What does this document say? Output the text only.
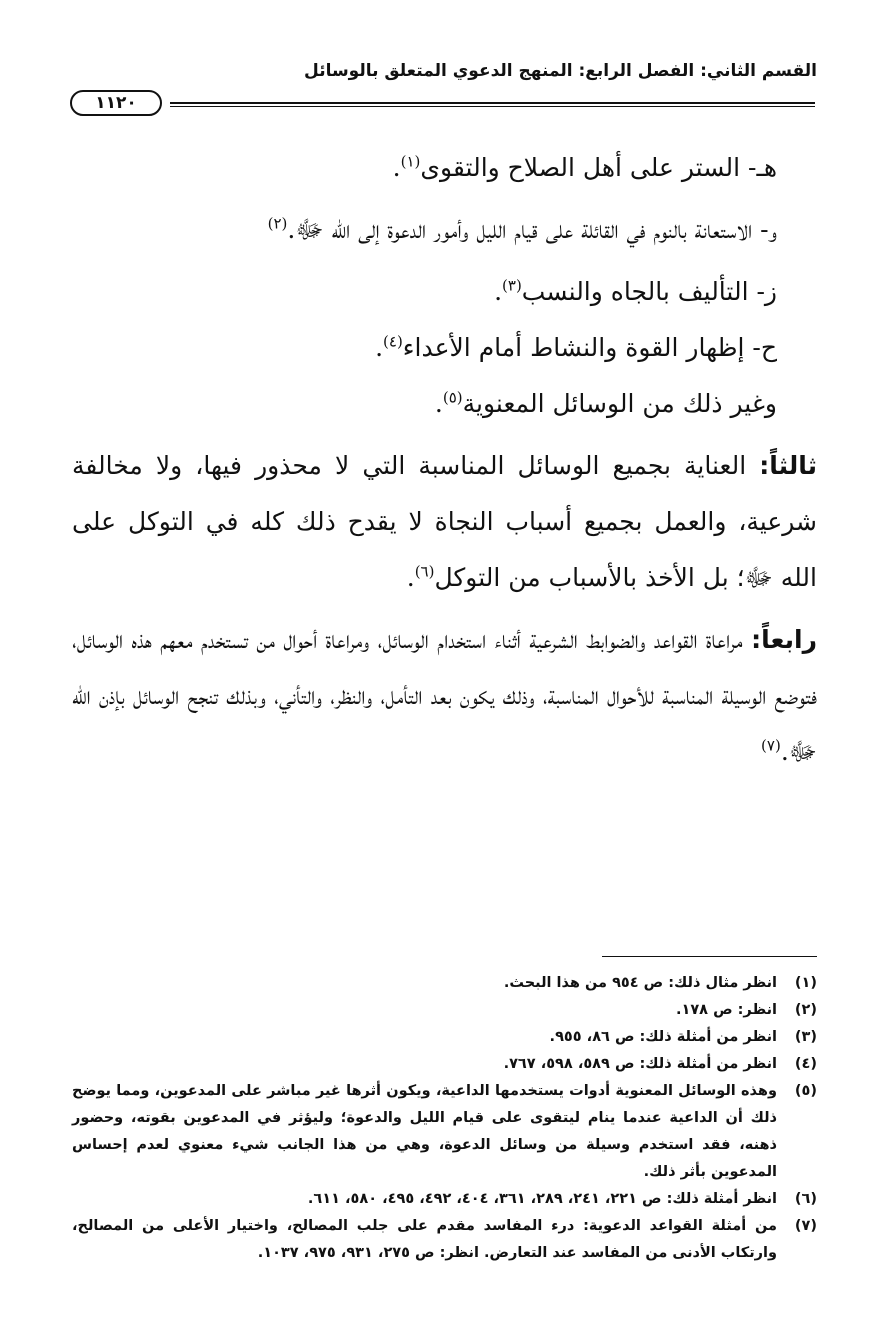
القسم الثاني: الفصل الرابع: المنهج الدعوي المتعلق بالوسائل
١١٢٠

هـ- الستر على أهل الصلاح والتقوى$^{(١)}$.

و- الاستعانة بالنوم في القائلة على قيام الليل وأمور الدعوة إلى الله ﷻ.$^{(٢)}$

ز- التأليف بالجاه والنسب$^{(٣)}$.

ح- إظهار القوة والنشاط أمام الأعداء$^{(٤)}$.

وغير ذلك من الوسائل المعنوية$^{(٥)}$.

ثالثاً: العناية بجميع الوسائل المناسبة التي لا محذور فيها، ولا مخالفة شرعية، والعمل بجميع أسباب النجاة لا يقدح ذلك كله في التوكل على الله ﷻ؛ بل الأخذ بالأسباب من التوكل$^{(٦)}$.

رابعاً: مراعاة القواعد والضوابط الشرعية أثناء استخدام الوسائل، ومراعاة أحوال من تستخدم معهم هذه الوسائل، فتوضع الوسيلة المناسبة للأحوال المناسبة، وذلك يكون بعد التأمل، والنظر، والتأني، وبذلك تنجح الوسائل بإذن الله ﷻ.$^{(٧)}$

(١)
انظر مثال ذلك: ص ٩٥٤ من هذا البحث.
(٢)
انظر: ص ١٧٨.
(٣)
انظر من أمثلة ذلك: ص ٨٦، ٩٥٥.
(٤)
انظر من أمثلة ذلك: ص ٥٨٩، ٥٩٨، ٧٦٧.
(٥)
وهذه الوسائل المعنوية أدوات يستخدمها الداعية، ويكون أثرها غير مباشر على المدعوين، ومما يوضح ذلك أن الداعية عندما ينام ليتقوى على قيام الليل والدعوة؛ وليؤثر في المدعوين بقوته، وحضور ذهنه، فقد استخدم وسيلة من وسائل الدعوة، وهي من هذا الجانب شيء معنوي لعدم إحساس المدعوين بأثر ذلك.
(٦)
انظر أمثلة ذلك: ص ٢٢١، ٢٤١، ٢٨٩، ٣٦١، ٤٠٤، ٤٩٢، ٤٩٥، ٥٨٠، ٦١١.
(٧)
من أمثلة القواعد الدعوية: درء المفاسد مقدم على جلب المصالح، واختيار الأعلى من المصالح، وارتكاب الأدنى من المفاسد عند التعارض. انظر: ص ٢٧٥، ٩٣١، ٩٧٥، ١٠٣٧.
